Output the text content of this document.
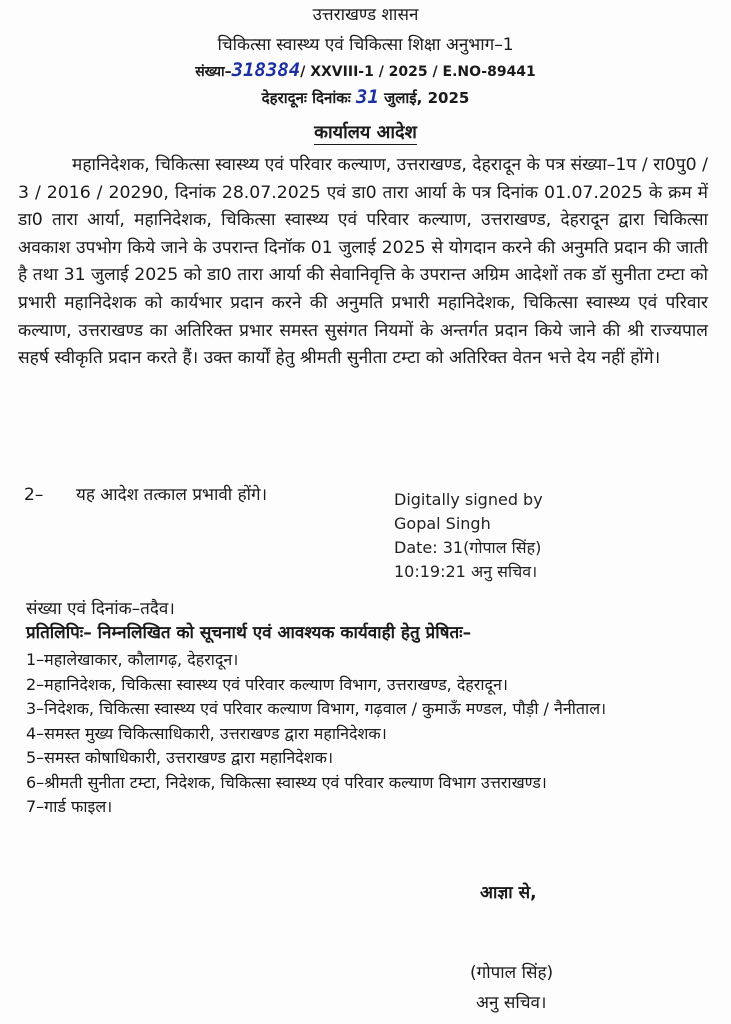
उत्तराखण्ड शासन
चिकित्सा स्वास्थ्य एवं चिकित्सा शिक्षा अनुभाग–1
संख्या–318384/ XXVIII-1 / 2025 / E.NO-89441
देहरादूनः दिनांकः 31 जुलाई, 2025
कार्यालय आदेश
महानिदेशक, चिकित्सा स्वास्थ्य एवं परिवार कल्याण, उत्तराखण्ड, देहरादून के पत्र संख्या–1प / रा0पु0 / 3 / 2016 / 20290, दिनांक 28.07.2025 एवं डा0 तारा आर्या के पत्र दिनांक 01.07.2025 के क्रम में डा0 तारा आर्या, महानिदेशक, चिकित्सा स्वास्थ्य एवं परिवार कल्याण, उत्तराखण्ड, देहरादून द्वारा चिकित्सा अवकाश उपभोग किये जाने के उपरान्त दिनॉक 01 जुलाई 2025 से योगदान करने की अनुमति प्रदान की जाती है तथा 31 जुलाई 2025 को डा0 तारा आर्या की सेवानिवृत्ति के उपरान्त अग्रिम आदेशों तक डॉ सुनीता टम्टा को प्रभारी महानिदेशक को कार्यभार प्रदान करने की अनुमति प्रभारी महानिदेशक, चिकित्सा स्वास्थ्य एवं परिवार कल्याण, उत्तराखण्ड का अतिरिक्त प्रभार समस्त सुसंगत नियमों के अन्तर्गत प्रदान किये जाने की श्री राज्यपाल सहर्ष स्वीकृति प्रदान करते हैं। उक्त कार्यों हेतु श्रीमती सुनीता टम्टा को अतिरिक्त वेतन भत्ते देय नहीं होंगे।
2– यह आदेश तत्काल प्रभावी होंगे।	Digitally signed by
Gopal Singh
Date: 31(गोपाल सिंह)
10:19:21 अनु सचिव।
संख्या एवं दिनांक–तदैव।
प्रतिलिपिः– निम्नलिखित को सूचनार्थ एवं आवश्यक कार्यवाही हेतु प्रेषितः–
1–महालेखाकार, कौलागढ़, देहरादून।
2–महानिदेशक, चिकित्सा स्वास्थ्य एवं परिवार कल्याण विभाग, उत्तराखण्ड, देहरादून।
3–निदेशक, चिकित्सा स्वास्थ्य एवं परिवार कल्याण विभाग, गढ़वाल / कुमाऊँ मण्डल, पौड़ी / नैनीताल।
4–समस्त मुख्य चिकित्साधिकारी, उत्तराखण्ड द्वारा महानिदेशक।
5–समस्त कोषाधिकारी, उत्तराखण्ड द्वारा महानिदेशक।
6–श्रीमती सुनीता टम्टा, निदेशक, चिकित्सा स्वास्थ्य एवं परिवार कल्याण विभाग उत्तराखण्ड।
7–गार्ड फाइल।
आज्ञा से,
(गोपाल सिंह)
अनु सचिव।
